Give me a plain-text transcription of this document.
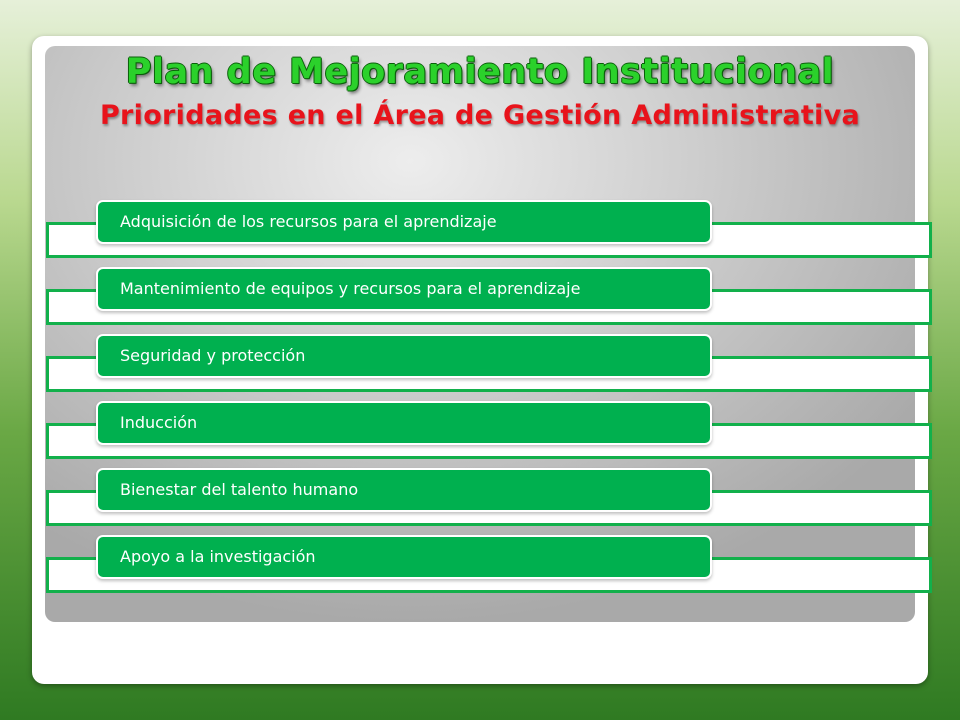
Plan de Mejoramiento Institucional
Prioridades en el Área de Gestión Administrativa
Adquisición de los recursos para el aprendizaje
Mantenimiento de equipos y recursos para el aprendizaje
Seguridad y protección
Inducción
Bienestar del talento humano
Apoyo a la investigación
